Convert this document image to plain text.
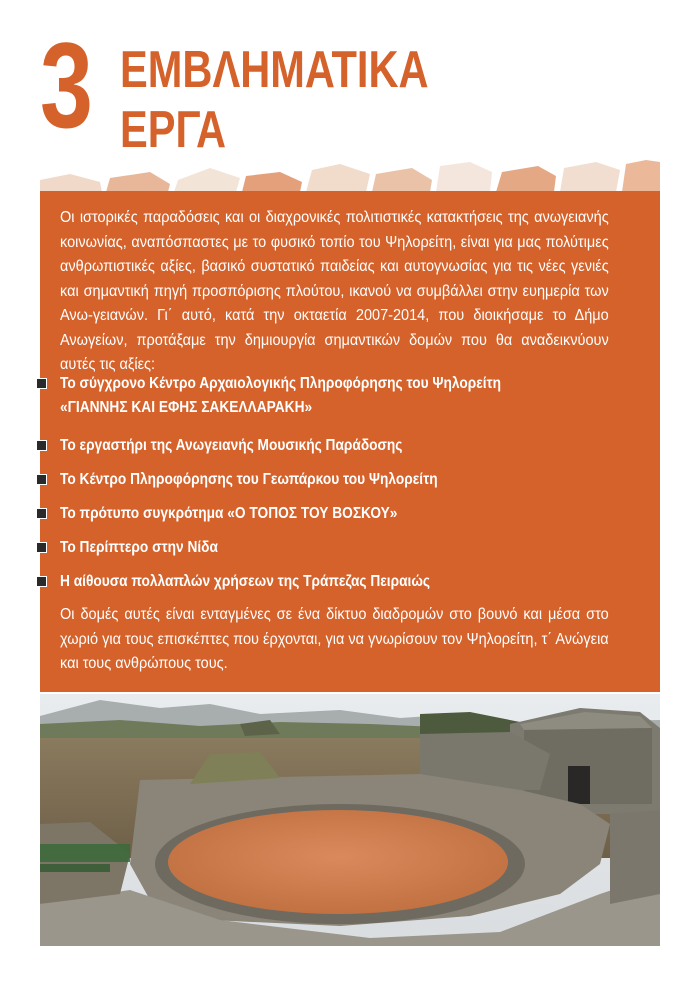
3 ΕΜΒΛΗΜΑΤΙΚΑ
ΕΡΓΑ

Οι ιστορικές παραδόσεις και οι διαχρονικές πολιτιστικές κατακτήσεις της ανωγειανής κοινωνίας, αναπόσπαστες με το φυσικό τοπίο του Ψηλορείτη, είναι για μας πολύτιμες ανθρωπιστικές αξίες, βασικό συστατικό παιδείας και αυτογνωσίας για τις νέες γενιές και σημαντική πηγή προσπόρισης πλούτου, ικανού να συμβάλλει στην ευημερία των Ανω-γειανών. Γι΄ αυτό, κατά την οκταετία 2007-2014, που διοικήσαμε το Δήμο Ανωγείων, προτάξαμε την δημιουργία σημαντικών δομών που θα αναδεικνύουν αυτές τις αξίες:

Το σύγχρονο Κέντρο Αρχαιολογικής Πληροφόρησης του Ψηλορείτη
«ΓΙΑΝΝΗΣ ΚΑΙ ΕΦΗΣ ΣΑΚΕΛΛΑΡΑΚΗ»
Το εργαστήρι της Ανωγειανής Μουσικής Παράδοσης
Το Κέντρο Πληροφόρησης του Γεωπάρκου του Ψηλορείτη
Το πρότυπο συγκρότημα «Ο ΤΟΠΟΣ ΤΟΥ ΒΟΣΚΟΥ»
Το Περίπτερο στην Νίδα
Η αίθουσα πολλαπλών χρήσεων της Τράπεζας Πειραιώς

Οι δομές αυτές είναι ενταγμένες σε ένα δίκτυο διαδρομών στο βουνό και μέσα στο χωριό για τους επισκέπτες που έρχονται, για να γνωρίσουν τον Ψηλορείτη, τ΄ Ανώγεια και τους ανθρώπους τους.
